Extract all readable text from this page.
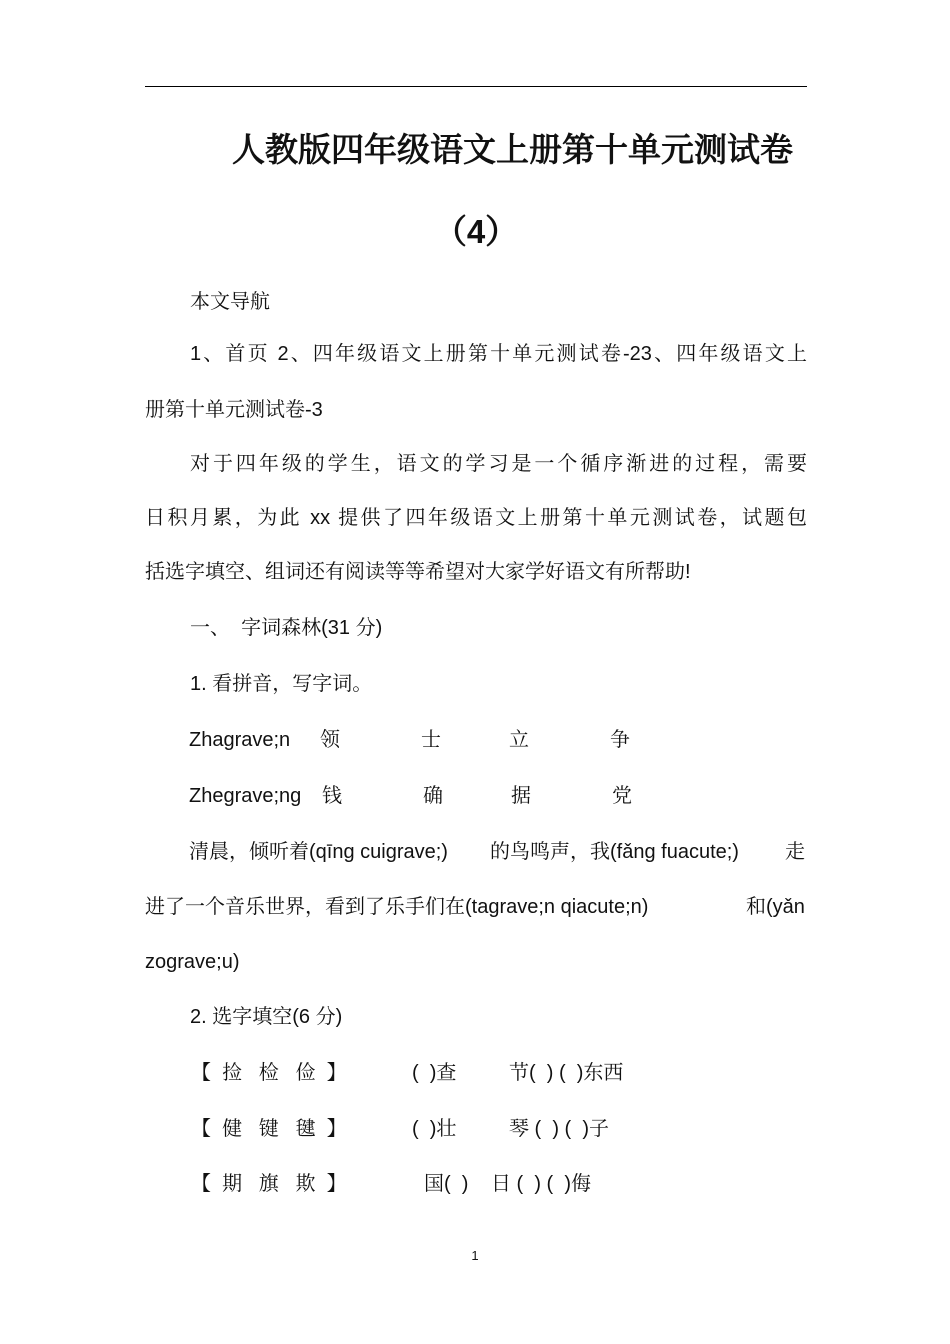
人教版四年级语文上册第十单元测试卷
（4）
本文导航
1、首页 2、四年级语文上册第十单元测试卷-23、四年级语文上
册第十单元测试卷-3
对于四年级的学生，语文的学习是一个循序渐进的过程，需要
日积月累，为此 xx 提供了四年级语文上册第十单元测试卷，试题包
括选字填空、组词还有阅读等等希望对大家学好语文有所帮助!
一、  字词森林(31 分)
1. 看拼音，写字词。
Zhagrave;n 领	士	立	争
Zhegrave;ng 钱	确	据	党
清晨，倾听着(qīng cuigrave;) 的鸟鸣声，我(fǎng fuacute;) 走
进了一个音乐世界，看到了乐手们在(tagrave;n qiacute;n)	和(yǎn
zograve;u)
2. 选字填空(6 分)
【  捡   检   俭  】	(  )查	节(  ) (  )东西
【  健   键   毽  】	(  )壮	琴 (  ) (  )子
【  期   旗   欺  】	国(  ) 日 (  ) (  )侮
1
